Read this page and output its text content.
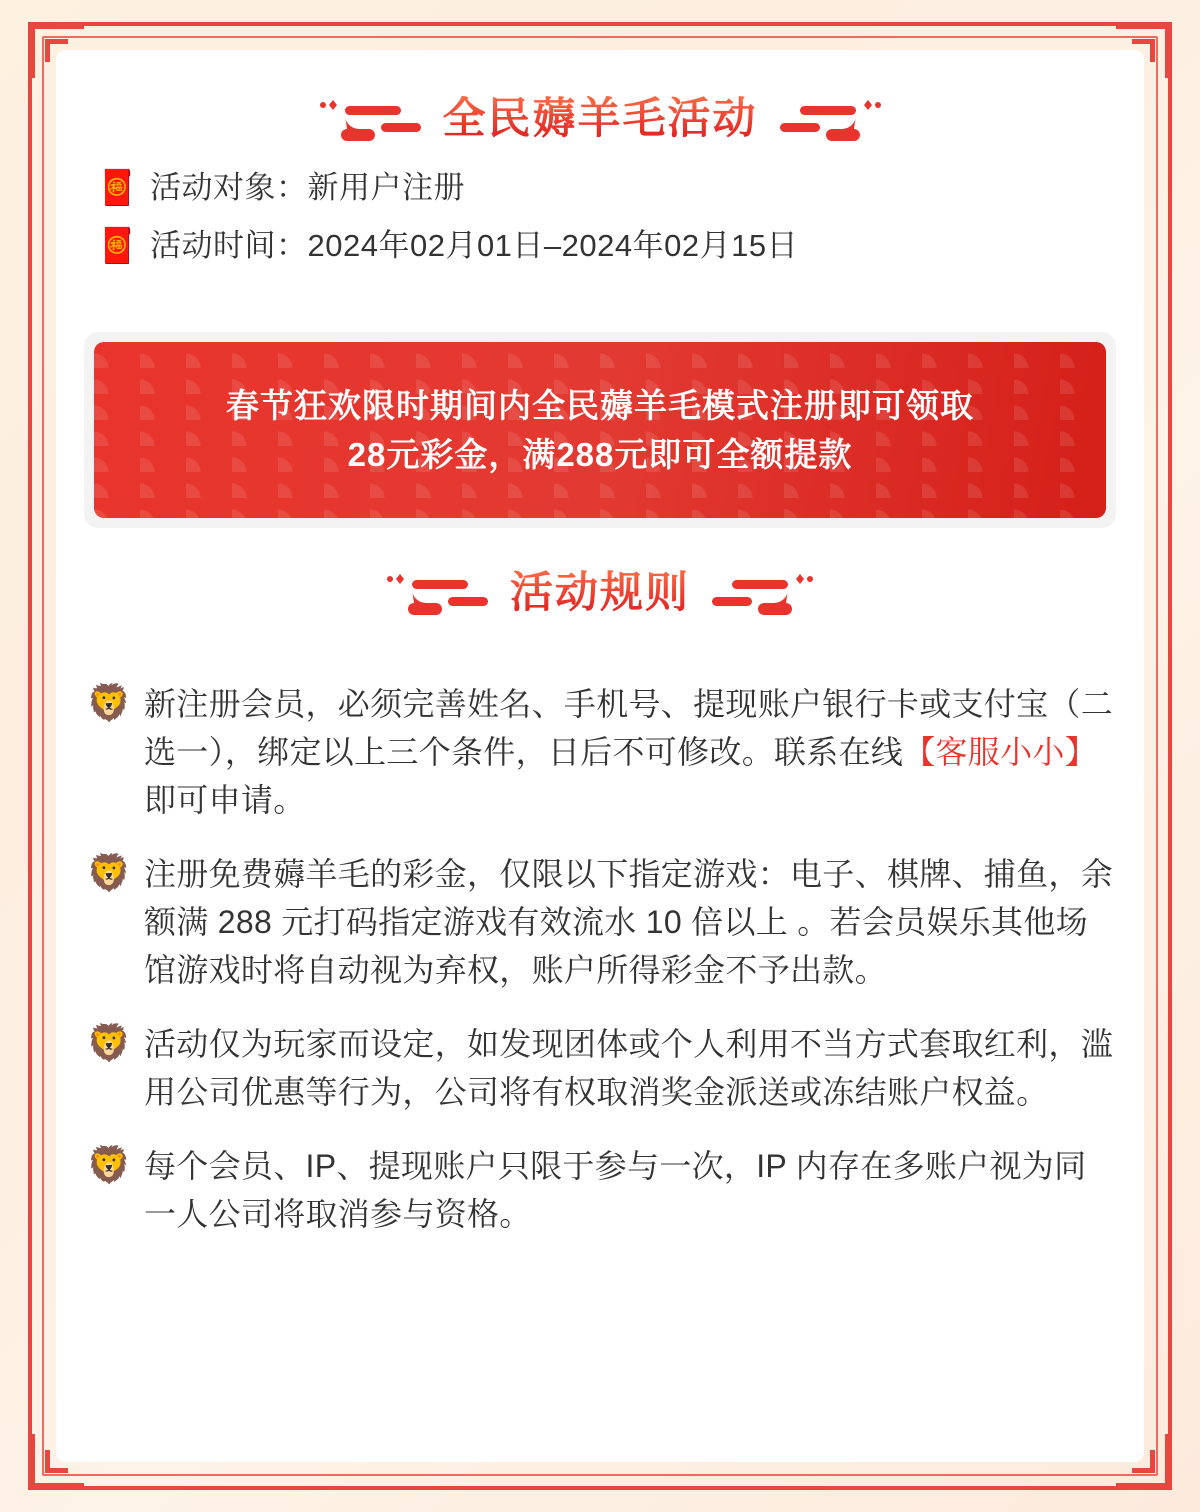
全民薅羊毛活动
🧧 活动对象：新用户注册
🧧 活动时间：2024年02月01日–2024年02月15日
春节狂欢限时期间内全民薅羊毛模式注册即可领取
28元彩金，满288元即可全额提款
活动规则
🦁 新注册会员，必须完善姓名、手机号、提现账户银行卡或支付宝（二选一），绑定以上三个条件，日后不可修改。联系在线【客服小小】即可申请。
🦁 注册免费薅羊毛的彩金，仅限以下指定游戏：电子、棋牌、捕鱼，余额满 288 元打码指定游戏有效流水 10 倍以上 。若会员娱乐其他场馆游戏时将自动视为弃权，账户所得彩金不予出款。
🦁 活动仅为玩家而设定，如发现团体或个人利用不当方式套取红利，滥用公司优惠等行为，公司将有权取消奖金派送或冻结账户权益。
🦁 每个会员、IP、提现账户只限于参与一次，IP 内存在多账户视为同一人公司将取消参与资格。
